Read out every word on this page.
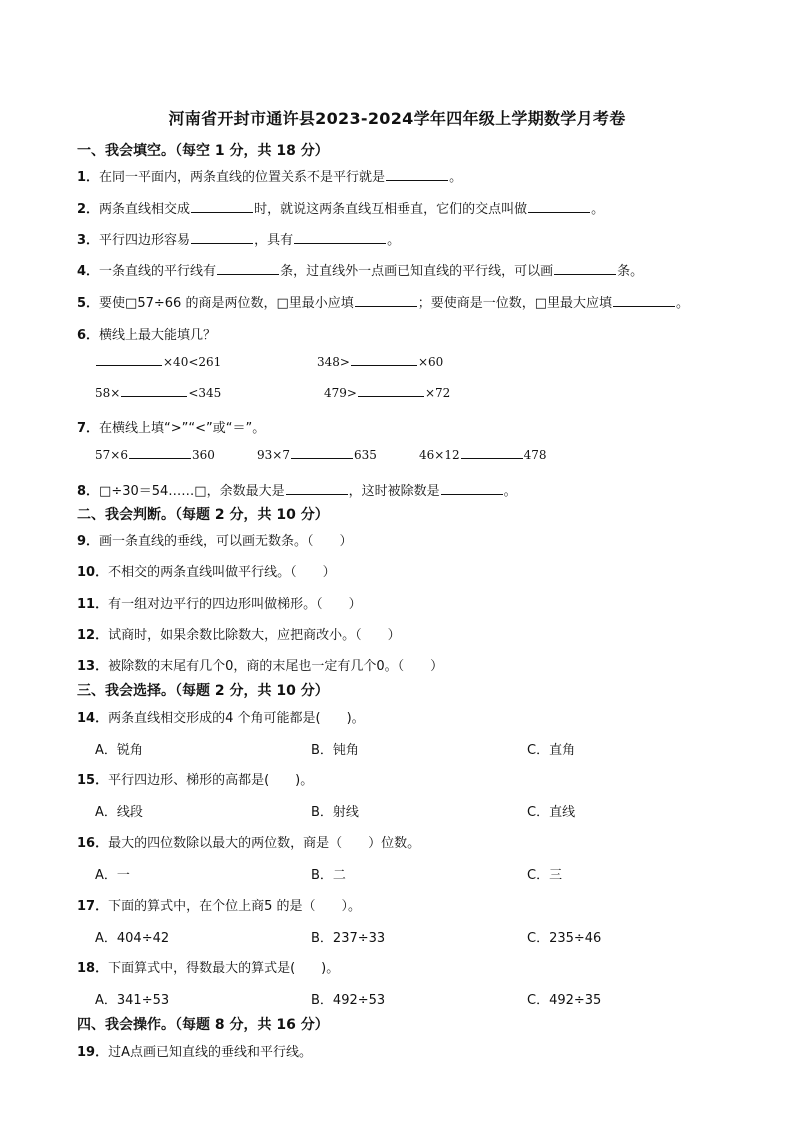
河南省开封市通许县2023-2024学年四年级上学期数学月考卷
一、我会填空。（每空 1 分，共 18 分）
1．在同一平面内，两条直线的位置关系不是平行就是	。
2．两条直线相交成	时，就说这两条直线互相垂直，它们的交点叫做	。
3．平行四边形容易	，具有	。
4．一条直线的平行线有	条，过直线外一点画已知直线的平行线，可以画	条。
5．要使□57÷66 的商是两位数，□里最小应填	；要使商是一位数，□里最大应填	。
6．横线上最大能填几？
×40<261	348>	×60
58×	<345	479>	×72
7．在横线上填“>”“<”或“＝”。
57×6	360	93×7	635	46×12	478
8．□÷30＝54……□，余数最大是	，这时被除数是	。
二、我会判断。（每题 2 分，共 10 分）
9．画一条直线的垂线，可以画无数条。（　　）
10．不相交的两条直线叫做平行线。（　　）
11．有一组对边平行的四边形叫做梯形。（　　）
12．试商时，如果余数比除数大，应把商改小。（　　）
13．被除数的末尾有几个0，商的末尾也一定有几个0。（　　）
三、我会选择。（每题 2 分，共 10 分）
14．两条直线相交形成的4 个角可能都是(　　)。
A．锐角	B．钝角	C．直角
15．平行四边形、梯形的高都是(　　)。
A．线段	B．射线	C．直线
16．最大的四位数除以最大的两位数，商是（　　）位数。
A．一	B．二	C．三
17．下面的算式中，在个位上商5 的是（　　）。
A．404÷42	B．237÷33	C．235÷46
18．下面算式中，得数最大的算式是(　　)。
A．341÷53	B．492÷53	C．492÷35
四、我会操作。（每题 8 分，共 16 分）
19．过A点画已知直线的垂线和平行线。
